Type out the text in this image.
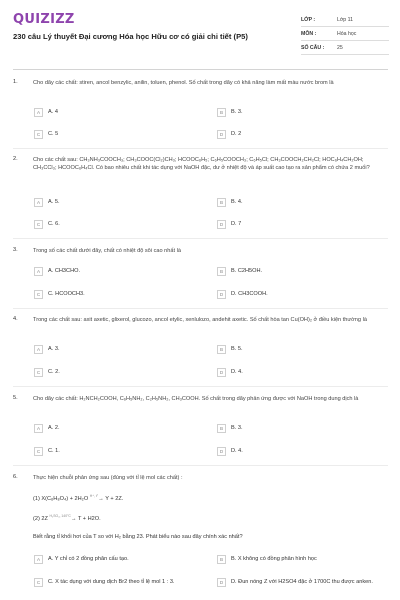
QUIZIZZ
230 câu Lý thuyết Đại cương Hóa học Hữu cơ có giải chi tiết (P5)
LỚP :	Lớp 11
MÔN :	Hóa học
SỐ CÂU : 25
1.	Cho dãy các chất: stiren, ancol benzylic, anilin, toluen, phenol. Số chất trong dãy có khả năng làm mất màu nước brom là
A	A. 4	B	B. 3.
C	C. 5	D	D. 2
2.	Cho các chất sau: CH₃NH₃COOCH₃; CH₃COOC(Cl₂)CH₃; HCOOC₆H₅; C₆H₅COOCH₃; C₆H₅Cl; CH₃COOCH₂CH₂Cl; HOC₆H₄CH₂OH; CH₃CCl₃; HCOOC₆H₄Cl. Có bao nhiêu chất khi tác dụng với NaOH đặc, dư ở nhiệt độ và áp suất cao tạo ra sản phẩm có chứa 2 muối?
A	A. 5.	B	B. 4.
C	C. 6.	D	D. 7
3.	Trong số các chất dưới đây, chất có nhiệt độ sôi cao nhất là
A	A. CH3CHO.	B	B. C2H5OH.
C	C. HCOOCH3.	D	D. CH3COOH.
4.	Trong các chất sau: axit axetic, glixerol, glucozo, ancol etylic, xenlulozo, andehit axetic. Số chất hòa tan Cu(OH)₂ ở điều kiện thường là
A	A. 3.	B	B. 5.
C	C. 2.	D	D. 4.
5.	Cho dãy các chất: H₂NCH₂COOH, C₆H₅NH₂, C₂H₅NH₂, CH₃COOH. Số chất trong dãy phản ứng được với NaOH trong dung dịch là
A	A. 2.	B	B. 3.
C	C. 1.	D	D. 4.
6.	Thực hiện chuỗi phản ứng sau (đúng với tỉ lệ mol các chất) :
(1) X(C₆H₈O₄) + 2H₂O $^{H^+, t^\circ}$→ Y + 2Z.
(2) 2Z $^{H_2SO_4, 140^\circ C}$→ T + H2O.
Biết rằng tỉ khối hơi của T so với H₂ bằng 23. Phát biểu nào sau đây chính xác nhất?
A	A. Y chỉ có 2 đồng phân cấu tạo.	B	B. X không có đồng phân hình học
C	C. X tác dụng với dung dịch Br2 theo tỉ lệ mol 1 : 3.	D	D. Đun nóng Z với H2SO4 đặc ở 1700C thu được anken.
